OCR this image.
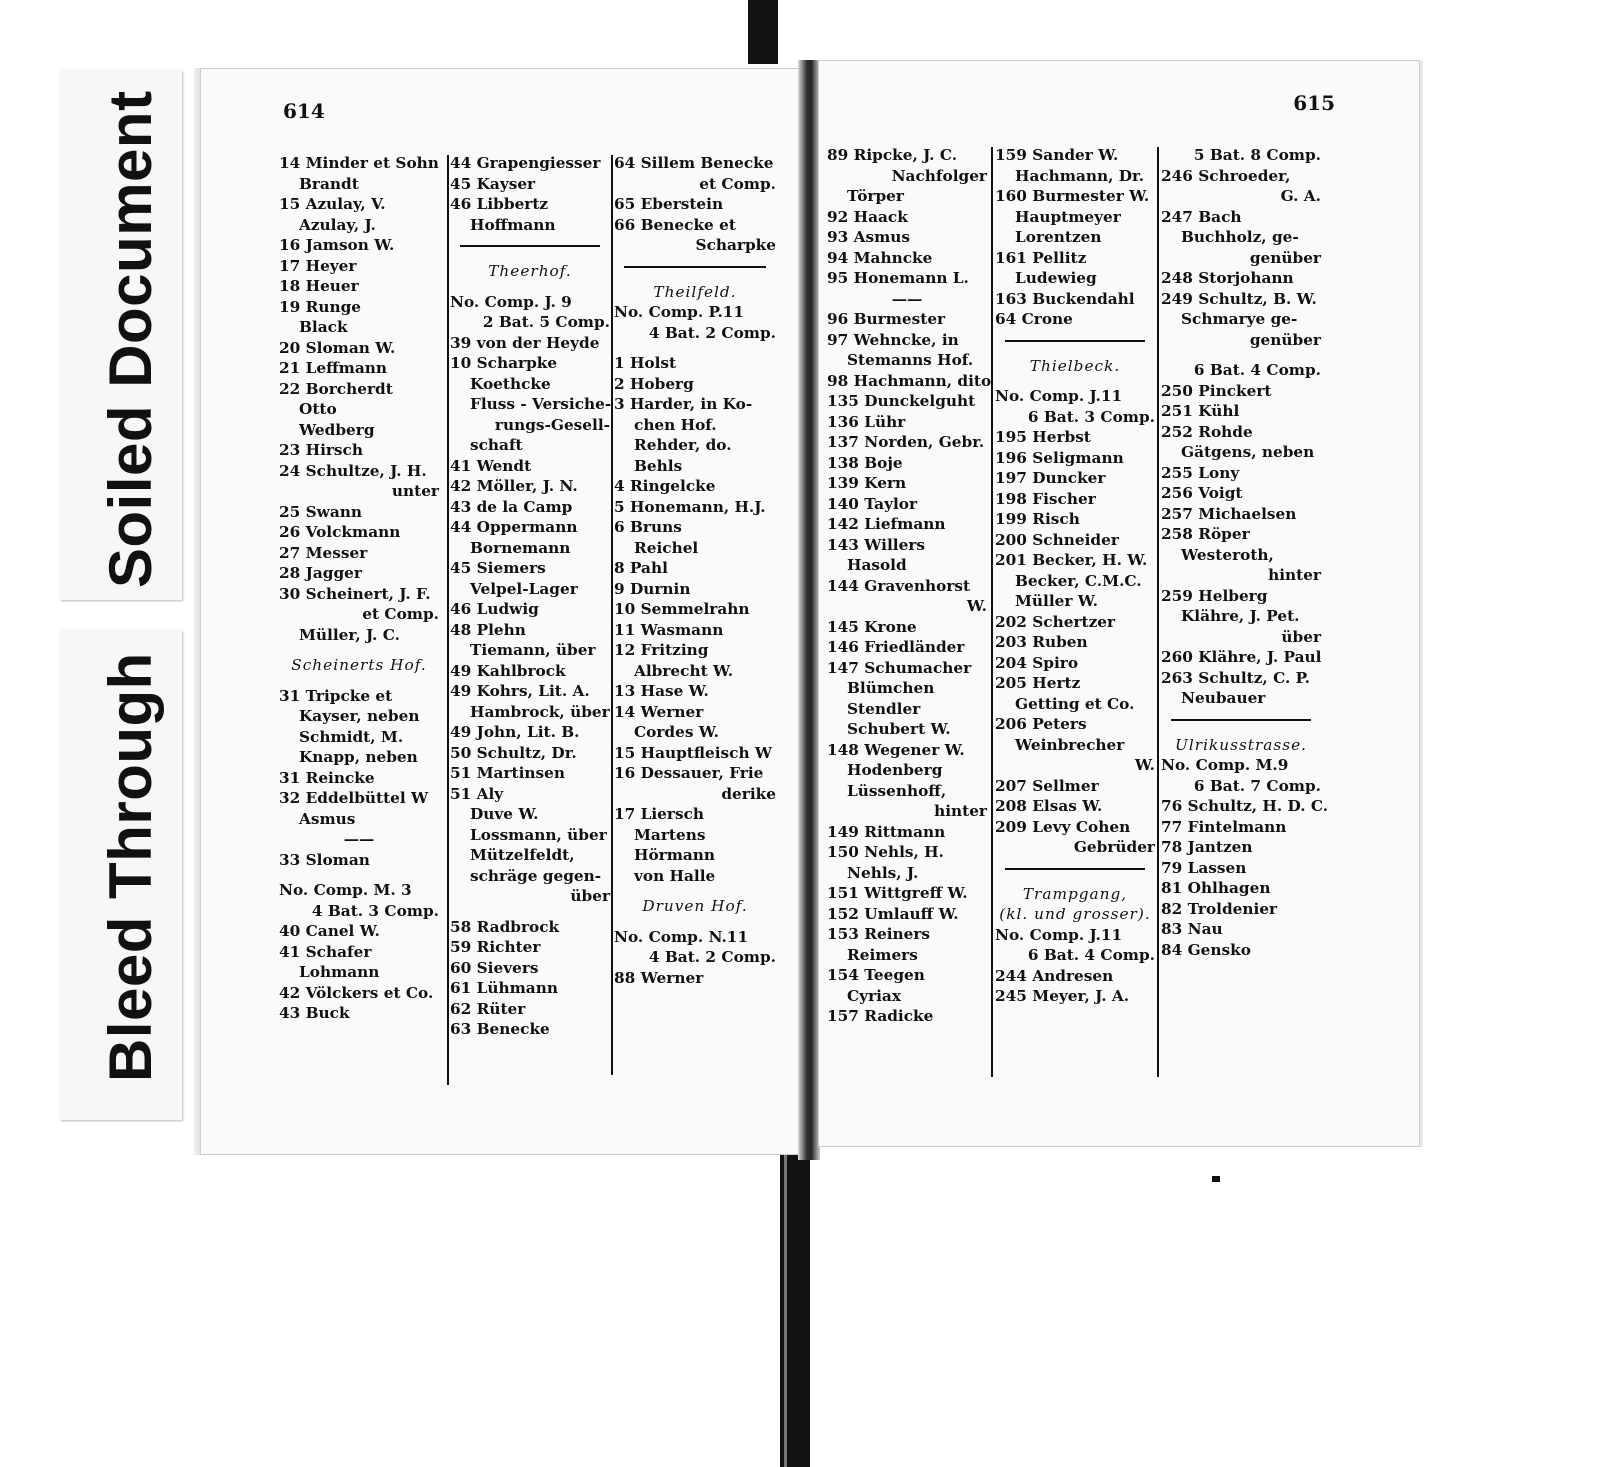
Soiled Document
Bleed Through
614
14 Minder et Sohn
Brandt
15 Azulay, V.
Azulay, J.
16 Jamson W.
17 Heyer
18 Heuer
19 Runge
Black
20 Sloman W.
21 Leffmann
22 Borcherdt
Otto
Wedberg
23 Hirsch
24 Schultze, J. H.
unter
25 Swann
26 Volckmann
27 Messer
28 Jagger
30 Scheinert, J. F.
et Comp.
Müller, J. C.
Scheinerts Hof.
31 Tripcke et
Kayser, neben
Schmidt, M.
Knapp, neben
31 Reincke
32 Eddelbüttel W
Asmus
——
33 Sloman
No. Comp. M. 3
4 Bat. 3 Comp.
40 Canel W.
41 Schafer
Lohmann
42 Völckers et Co.
43 Buck
44 Grapengiesser
45 Kayser
46 Libbertz
Hoffmann
Theerhof.
No. Comp. J. 9
2 Bat. 5 Comp.
39 von der Heyde
10 Scharpke
Koethcke
Fluss - Versiche-
rungs-Gesell-
schaft
41 Wendt
42 Möller, J. N.
43 de la Camp
44 Oppermann
Bornemann
45 Siemers
Velpel-Lager
46 Ludwig
48 Plehn
Tiemann, über
49 Kahlbrock
49 Kohrs, Lit. A.
Hambrock, über
49 John, Lit. B.
50 Schultz, Dr.
51 Martinsen
51 Aly
Duve W.
Lossmann, über
Mützelfeldt,
schräge gegen-
über
58 Radbrock
59 Richter
60 Sievers
61 Lühmann
62 Rüter
63 Benecke
64 Sillem Benecke
et Comp.
65 Eberstein
66 Benecke et
Scharpke
Theilfeld.
No. Comp. P.11
4 Bat. 2 Comp.
1 Holst
2 Hoberg
3 Harder, in Ko-
chen Hof.
Rehder, do.
Behls
4 Ringelcke
5 Honemann, H.J.
6 Bruns
Reichel
8 Pahl
9 Durnin
10 Semmelrahn
11 Wasmann
12 Fritzing
Albrecht W.
13 Hase W.
14 Werner
Cordes W.
15 Hauptfleisch W
16 Dessauer, Frie
derike
17 Liersch
Martens
Hörmann
von Halle
Druven Hof.
No. Comp. N.11
4 Bat. 2 Comp.
88 Werner
615
89 Ripcke, J. C.
Nachfolger
Törper
92 Haack
93 Asmus
94 Mahncke
95 Honemann L.
——
96 Burmester
97 Wehncke, in
Stemanns Hof.
98 Hachmann, dito
135 Dunckelguht
136 Lühr
137 Norden, Gebr.
138 Boje
139 Kern
140 Taylor
142 Liefmann
143 Willers
Hasold
144 Gravenhorst
W.
145 Krone
146 Friedländer
147 Schumacher
Blümchen
Stendler
Schubert W.
148 Wegener W.
Hodenberg
Lüssenhoff,
hinter
149 Rittmann
150 Nehls, H.
Nehls, J.
151 Wittgreff W.
152 Umlauff W.
153 Reiners
Reimers
154 Teegen
Cyriax
157 Radicke
159 Sander W.
Hachmann, Dr.
160 Burmester W.
Hauptmeyer
Lorentzen
161 Pellitz
Ludewieg
163 Buckendahl
64 Crone
Thielbeck.
No. Comp. J.11
6 Bat. 3 Comp.
195 Herbst
196 Seligmann
197 Duncker
198 Fischer
199 Risch
200 Schneider
201 Becker, H. W.
Becker, C.M.C.
Müller W.
202 Schertzer
203 Ruben
204 Spiro
205 Hertz
Getting et Co.
206 Peters
Weinbrecher
W.
207 Sellmer
208 Elsas W.
209 Levy Cohen
Gebrüder
Trampgang,
(kl. und grosser).
No. Comp. J.11
6 Bat. 4 Comp.
244 Andresen
245 Meyer, J. A.
5 Bat. 8 Comp.
246 Schroeder,
G. A.
247 Bach
Buchholz, ge-
genüber
248 Storjohann
249 Schultz, B. W.
Schmarye ge-
genüber
6 Bat. 4 Comp.
250 Pinckert
251 Kühl
252 Rohde
Gätgens, neben
255 Lony
256 Voigt
257 Michaelsen
258 Röper
Westeroth,
hinter
259 Helberg
Klähre, J. Pet.
über
260 Klähre, J. Paul
263 Schultz, C. P.
Neubauer
Ulrikusstrasse.
No. Comp. M.9
6 Bat. 7 Comp.
76 Schultz, H. D. C.
77 Fintelmann
78 Jantzen
79 Lassen
81 Ohlhagen
82 Troldenier
83 Nau
84 Gensko
